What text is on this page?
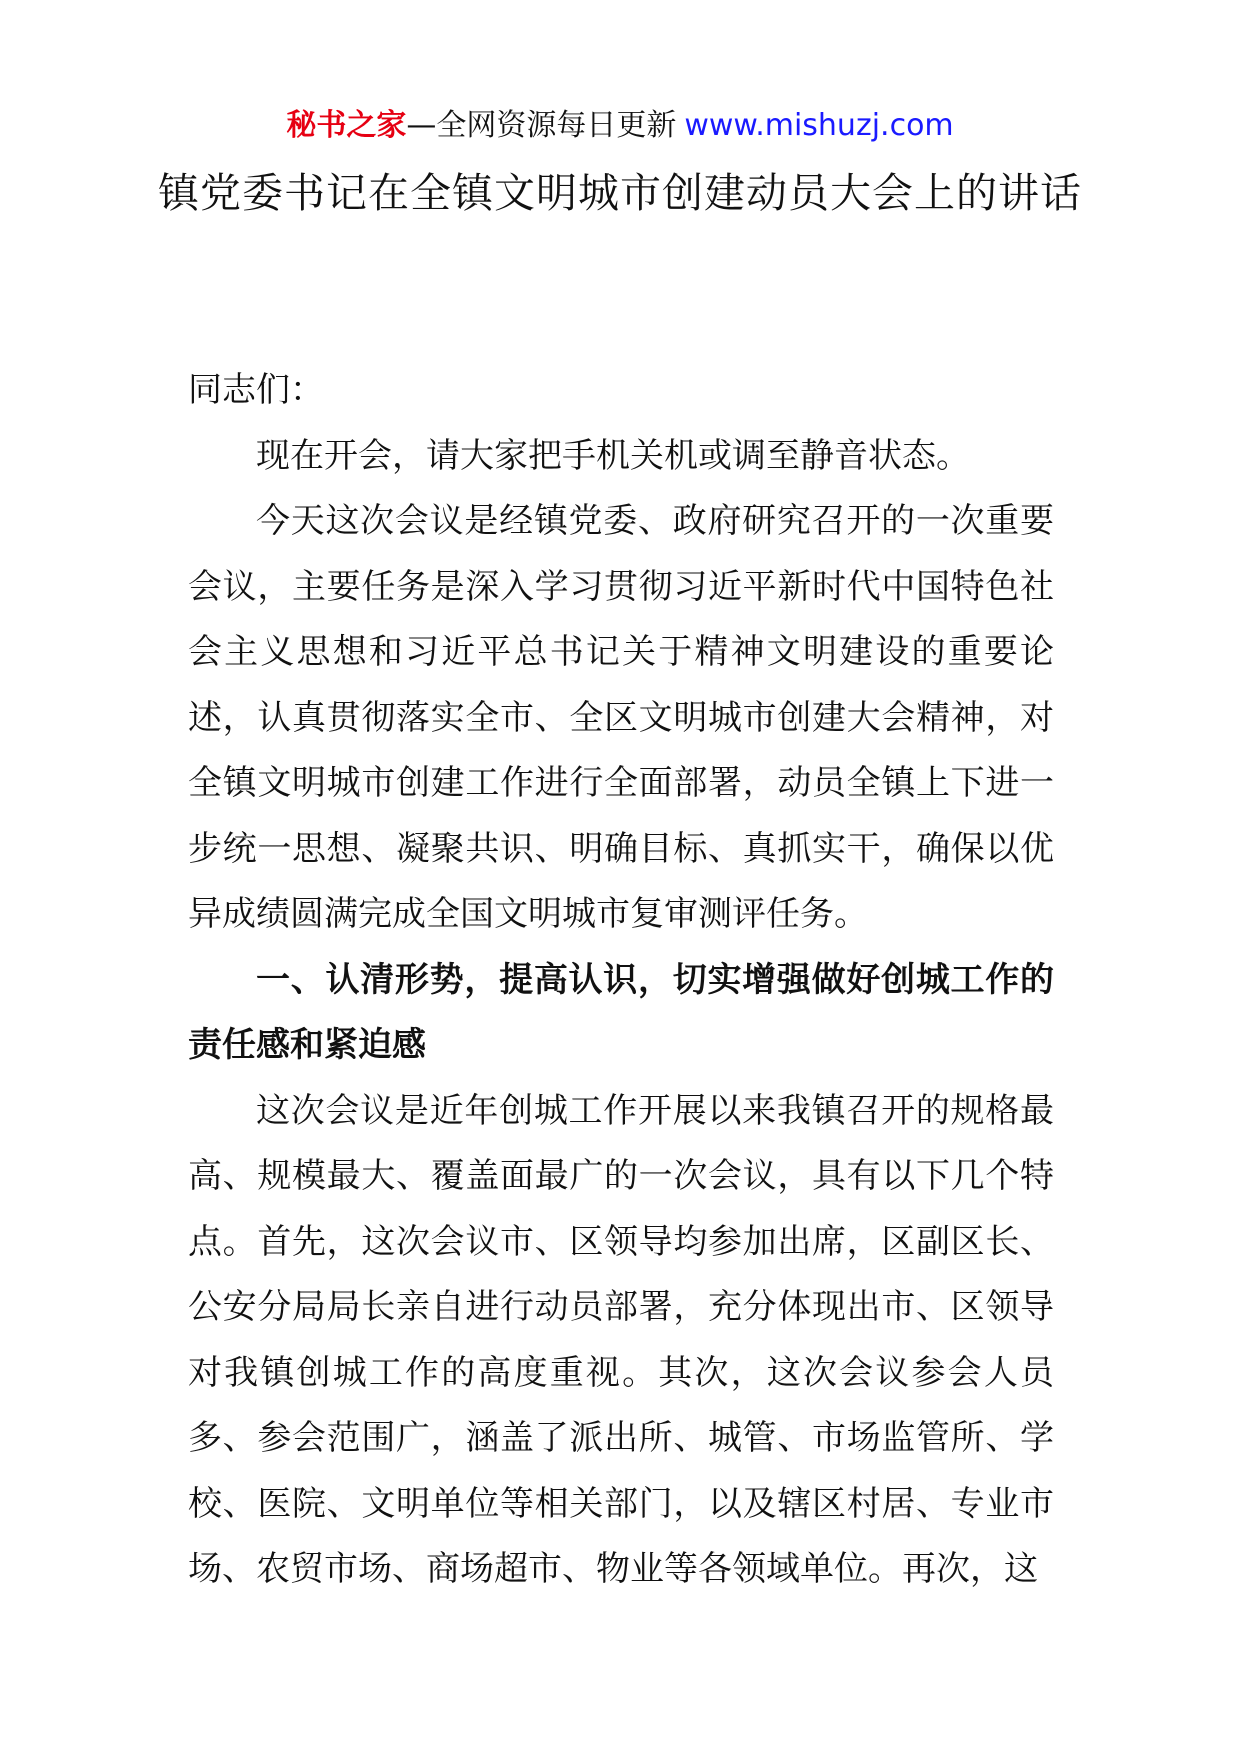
秘书之家—全网资源每日更新 www.mishuzj.com
镇党委书记在全镇文明城市创建动员大会上的讲话

同志们：

现在开会，请大家把手机关机或调至静音状态。

今天这次会议是经镇党委、政府研究召开的一次重要会议，主要任务是深入学习贯彻习近平新时代中国特色社会主义思想和习近平总书记关于精神文明建设的重要论述，认真贯彻落实全市、全区文明城市创建大会精神，对全镇文明城市创建工作进行全面部署，动员全镇上下进一步统一思想、凝聚共识、明确目标、真抓实干，确保以优异成绩圆满完成全国文明城市复审测评任务。

一、认清形势，提高认识，切实增强做好创城工作的责任感和紧迫感

这次会议是近年创城工作开展以来我镇召开的规格最高、规模最大、覆盖面最广的一次会议，具有以下几个特点。首先，这次会议市、区领导均参加出席，区副区长、公安分局局长亲自进行动员部署，充分体现出市、区领导对我镇创城工作的高度重视。其次，这次会议参会人员多、参会范围广，涵盖了派出所、城管、市场监管所、学校、医院、文明单位等相关部门，以及辖区村居、专业市场、农贸市场、商场超市、物业等各领域单位。再次，这
